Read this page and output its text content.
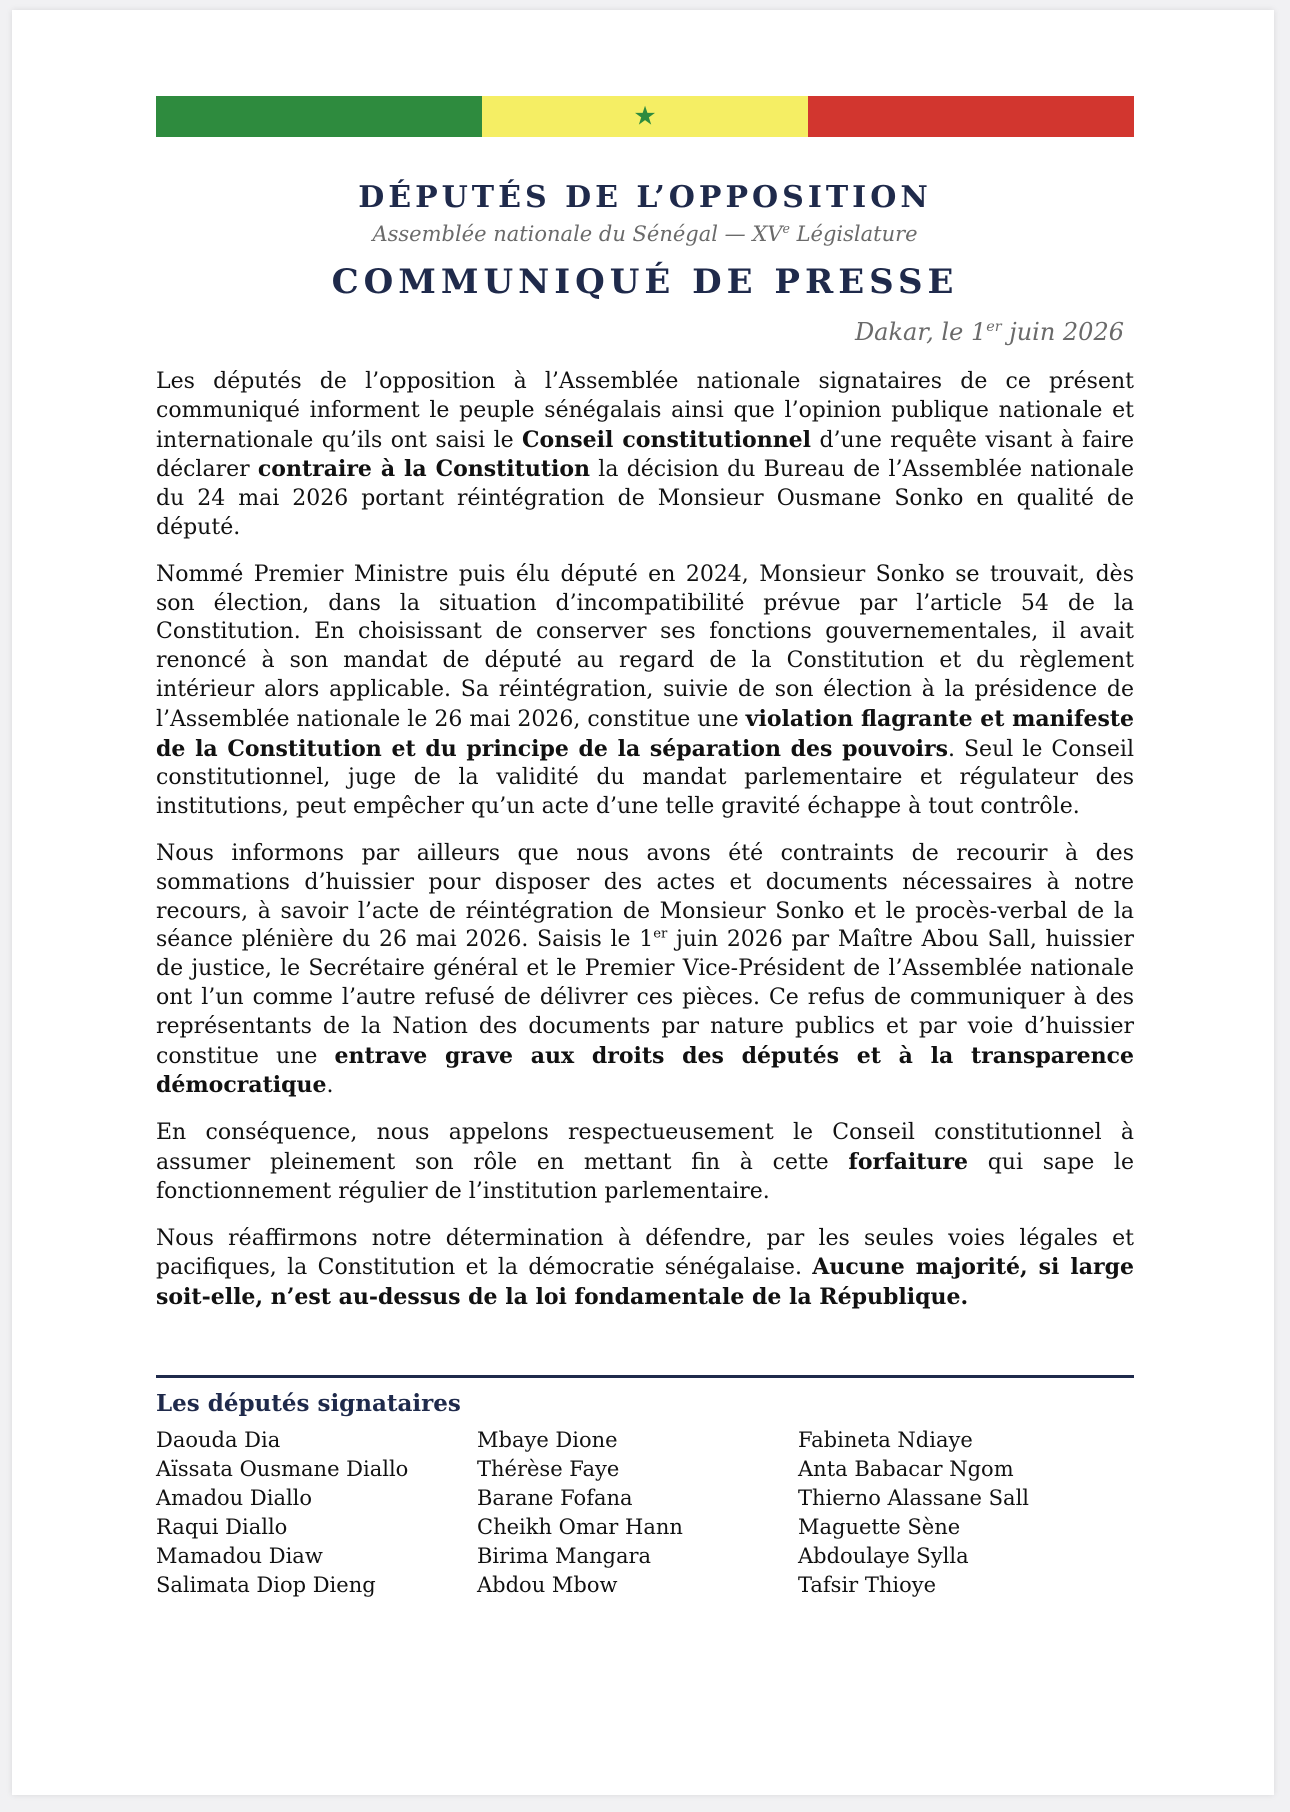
★
DÉPUTÉS DE L’OPPOSITION
Assemblée nationale du Sénégal — XVe Législature
COMMUNIQUÉ DE PRESSE
Dakar, le 1er juin 2026

Les députés de l’opposition à l’Assemblée nationale signataires de ce présent communiqué informent le peuple sénégalais ainsi que l’opinion publique nationale et internationale qu’ils ont saisi le Conseil constitutionnel d’une requête visant à faire déclarer contraire à la Constitution la décision du Bureau de l’Assemblée nationale du 24 mai 2026 portant réintégration de Monsieur Ousmane Sonko en qualité de député.

Nommé Premier Ministre puis élu député en 2024, Monsieur Sonko se trouvait, dès son élection, dans la situation d’incompatibilité prévue par l’article 54 de la Constitution. En choisissant de conserver ses fonctions gouvernementales, il avait renoncé à son mandat de député au regard de la Constitution et du règlement intérieur alors applicable. Sa réintégration, suivie de son élection à la présidence de l’Assemblée nationale le 26 mai 2026, constitue une violation flagrante et manifeste de la Constitution et du principe de la séparation des pouvoirs. Seul le Conseil constitutionnel, juge de la validité du mandat parlementaire et régulateur des institutions, peut empêcher qu’un acte d’une telle gravité échappe à tout contrôle.

Nous informons par ailleurs que nous avons été contraints de recourir à des sommations d’huissier pour disposer des actes et documents nécessaires à notre recours, à savoir l’acte de réintégration de Monsieur Sonko et le procès-verbal de la séance plénière du 26 mai 2026. Saisis le 1er juin 2026 par Maître Abou Sall, huissier de justice, le Secrétaire général et le Premier Vice-Président de l’Assemblée nationale ont l’un comme l’autre refusé de délivrer ces pièces. Ce refus de communiquer à des représentants de la Nation des documents par nature publics et par voie d’huissier constitue une entrave grave aux droits des députés et à la transparence démocratique.

En conséquence, nous appelons respectueusement le Conseil constitutionnel à assumer pleinement son rôle en mettant fin à cette forfaiture qui sape le fonctionnement régulier de l’institution parlementaire.

Nous réaffirmons notre détermination à défendre, par les seules voies légales et pacifiques, la Constitution et la démocratie sénégalaise. Aucune majorité, si large soit-elle, n’est au-dessus de la loi fondamentale de la République.

Les députés signataires
Daouda Dia
Aïssata Ousmane Diallo
Amadou Diallo
Raqui Diallo
Mamadou Diaw
Salimata Diop Dieng
Mbaye Dione
Thérèse Faye
Barane Fofana
Cheikh Omar Hann
Birima Mangara
Abdou Mbow
Fabineta Ndiaye
Anta Babacar Ngom
Thierno Alassane Sall
Maguette Sène
Abdoulaye Sylla
Tafsir Thioye
